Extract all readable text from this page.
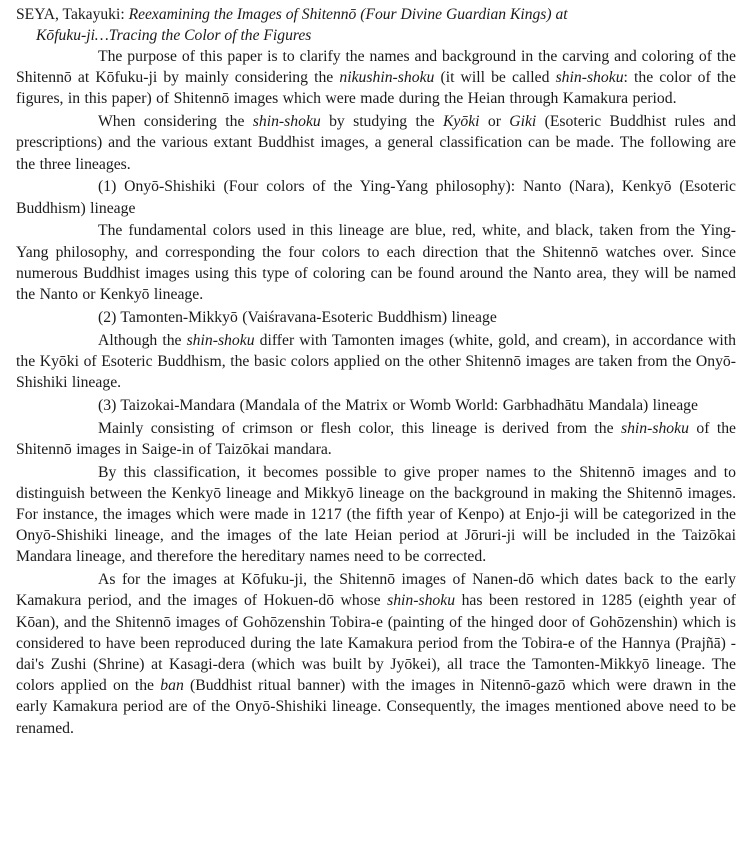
SEYA, Takayuki: Reexamining the Images of Shitennō (Four Divine Guardian Kings) at
Kōfuku-ji…Tracing the Color of the Figures

The purpose of this paper is to clarify the names and background in the carving and coloring of the Shitennō at Kōfuku-ji by mainly considering the nikushin-shoku (it will be called shin-shoku: the color of the figures, in this paper) of Shitennō images which were made during the Heian through Kamakura period.

When considering the shin-shoku by studying the Kyōki or Giki (Esoteric Buddhist rules and prescriptions) and the various extant Buddhist images, a general classification can be made. The following are the three lineages.

(1) Onyō-Shishiki (Four colors of the Ying-Yang philosophy): Nanto (Nara), Kenkyō (Esoteric Buddhism) lineage

The fundamental colors used in this lineage are blue, red, white, and black, taken from the Ying-Yang philosophy, and corresponding the four colors to each direction that the Shitennō watches over. Since numerous Buddhist images using this type of coloring can be found around the Nanto area, they will be named the Nanto or Kenkyō lineage.

(2) Tamonten-Mikkyō (Vaiśravana-Esoteric Buddhism) lineage

Although the shin-shoku differ with Tamonten images (white, gold, and cream), in accordance with the Kyōki of Esoteric Buddhism, the basic colors applied on the other Shitennō images are taken from the Onyō-Shishiki lineage.

(3) Taizokai-Mandara (Mandala of the Matrix or Womb World: Garbhadhātu Mandala) lineage

Mainly consisting of crimson or flesh color, this lineage is derived from the shin-shoku of the Shitennō images in Saige-in of Taizōkai mandara.

By this classification, it becomes possible to give proper names to the Shitennō images and to distinguish between the Kenkyō lineage and Mikkyō lineage on the background in making the Shitennō images. For instance, the images which were made in 1217 (the fifth year of Kenpo) at Enjo-ji will be categorized in the Onyō-Shishiki lineage, and the images of the late Heian period at Jōruri-ji will be included in the Taizōkai Mandara lineage, and therefore the hereditary names need to be corrected.

As for the images at Kōfuku-ji, the Shitennō images of Nanen-dō which dates back to the early Kamakura period, and the images of Hokuen-dō whose shin-shoku has been restored in 1285 (eighth year of Kōan), and the Shitennō images of Gohōzenshin Tobira-e (painting of the hinged door of Gohōzenshin) which is considered to have been reproduced during the late Kamakura period from the Tobira-e of the Hannya (Prajñā) -dai's Zushi (Shrine) at Kasagi-dera (which was built by Jyōkei), all trace the Tamonten-Mikkyō lineage. The colors applied on the ban (Buddhist ritual banner) with the images in Nitennō-gazō which were drawn in the early Kamakura period are of the Onyō-Shishiki lineage. Consequently, the images mentioned above need to be renamed.
